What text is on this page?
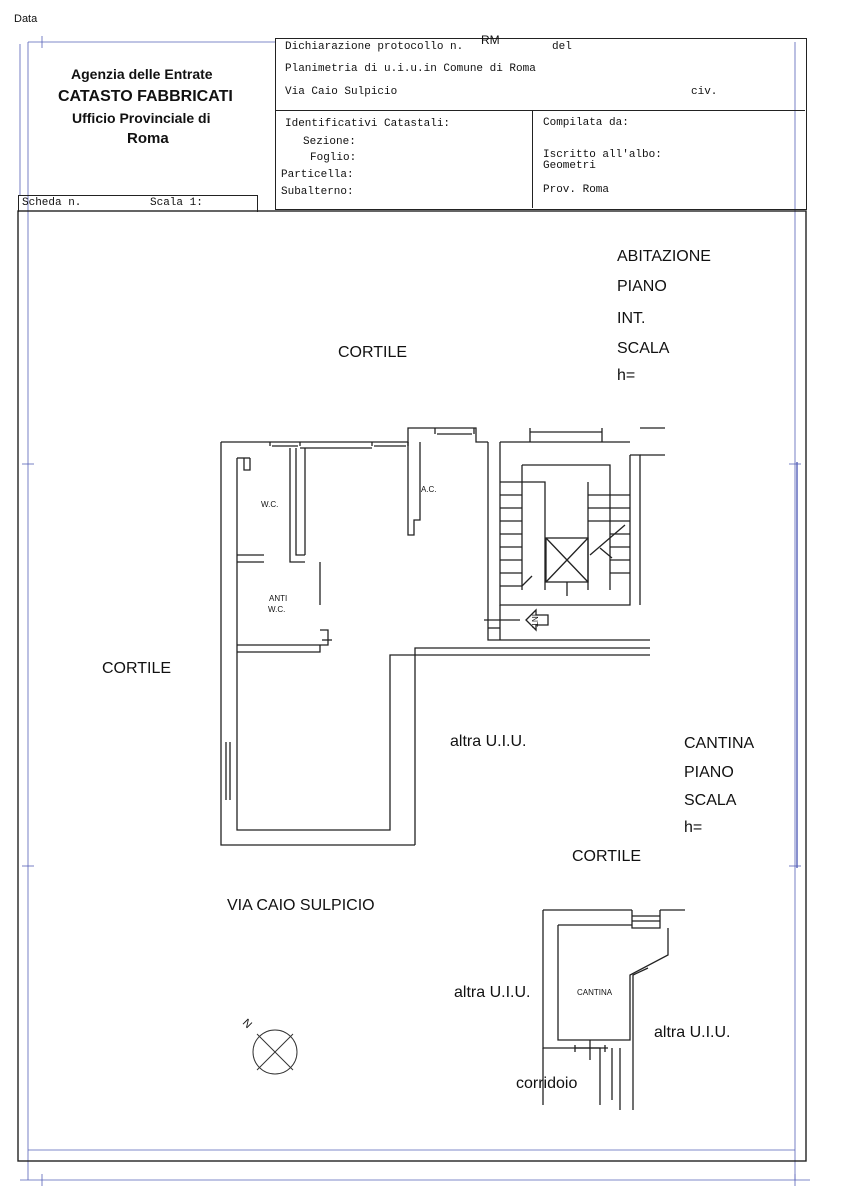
Data
Agenzia delle Entrate
CATASTO FABBRICATI
Ufficio Provinciale di
Roma
Dichiarazione protocollo n. RM	del
Planimetria di u.i.u.in Comune di Roma
Via Caio Sulpicio	civ.
Identificativi Catastali:
Sezione:
Foglio:
Particella:
Subalterno:
Compilata da:
Iscritto all'albo:
Geometri
Prov. Roma
Scheda n.	Scala 1:
ABITAZIONE
PIANO
INT.
SCALA
h=
CORTILE
CORTILE
CORTILE
altra U.I.U.	CANTINA
PIANO
SCALA
h=
VIA CAIO SULPICIO
altra U.I.U.
altra U.I.U.
corridoio
W.C.
A.C.
ANTI
W.C.
INT.
CANTINA
N
